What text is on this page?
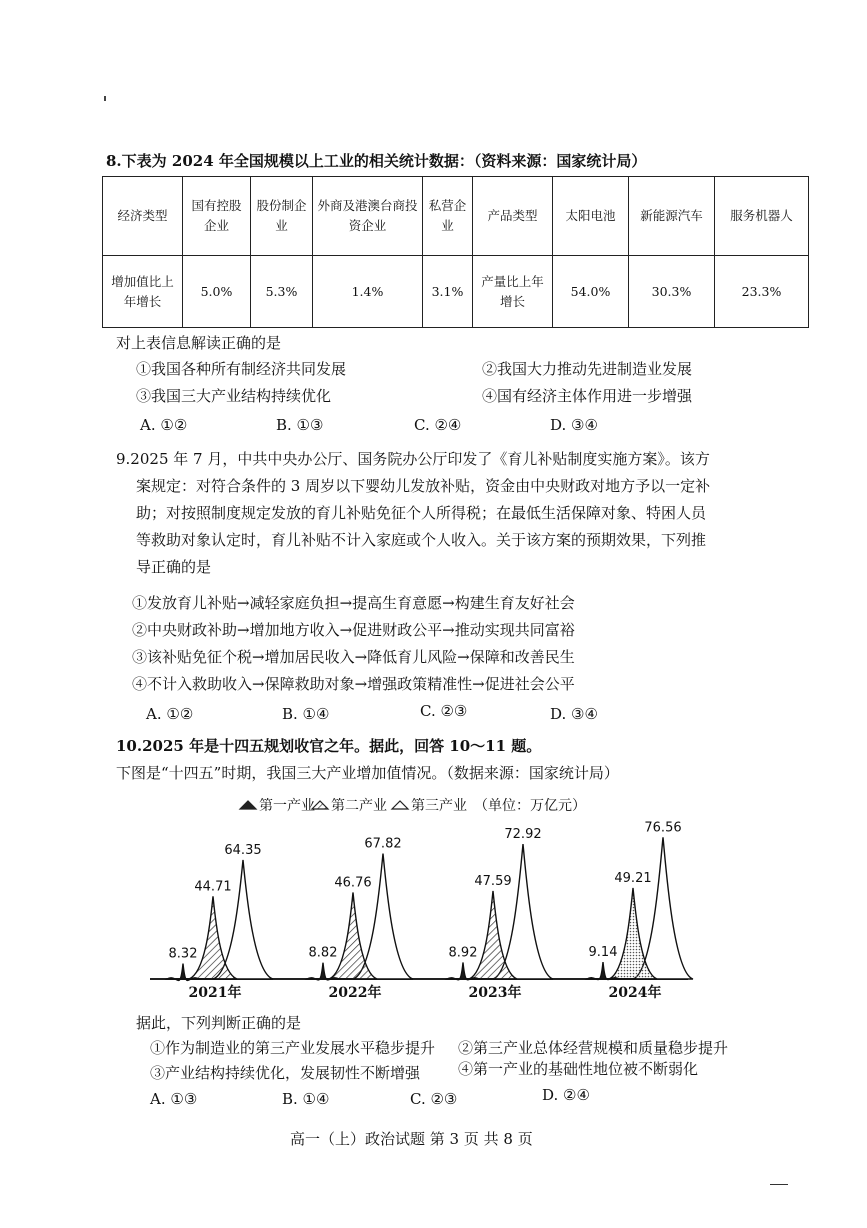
8.下表为 2024 年全国规模以上工业的相关统计数据：（资料来源：国家统计局）
经济类型	国有控股企业	股份制企业	外商及港澳台商投资企业	私营企业	产品类型	太阳电池	新能源汽车	服务机器人
增加值比上年增长	5.0%	5.3%	1.4%	3.1%	产量比上年增长	54.0%	30.3%	23.3%
对上表信息解读正确的是
①我国各种所有制经济共同发展	②我国大力推动先进制造业发展
③我国三大产业结构持续优化	④国有经济主体作用进一步增强
A. ①②	B. ①③	C. ②④	D. ③④
9.2025 年 7 月，中共中央办公厅、国务院办公厅印发了《育儿补贴制度实施方案》。该方
案规定：对符合条件的 3 周岁以下婴幼儿发放补贴，资金由中央财政对地方予以一定补
助；对按照制度规定发放的育儿补贴免征个人所得税；在最低生活保障对象、特困人员
等救助对象认定时，育儿补贴不计入家庭或个人收入。关于该方案的预期效果，下列推
导正确的是
①发放育儿补贴→减轻家庭负担→提高生育意愿→构建生育友好社会
②中央财政补助→增加地方收入→促进财政公平→推动实现共同富裕
③该补贴免征个税→增加居民收入→降低育儿风险→保障和改善民生
④不计入救助收入→保障救助对象→增强政策精准性→促进社会公平
A. ①②	B. ①④	C. ②③	D. ③④
10.2025 年是十四五规划收官之年。据此，回答 10～11 题。
下图是“十四五”时期，我国三大产业增加值情况。（数据来源：国家统计局）
第一产业 第二产业 第三产业 （单位：万亿元）
64.35
44.71
8.32
2021年
67.82
46.76
8.82
2022年
72.92
47.59
8.92
2023年
76.56
49.21
9.14
2024年
据此，下列判断正确的是
①作为制造业的第三产业发展水平稳步提升 ②第三产业总体经营规模和质量稳步提升
③产业结构持续优化，发展韧性不断增强	④第一产业的基础性地位被不断弱化
A. ①③	B. ①④	C. ②③	D. ②④
高一（上）政治试题 第 3 页 共 8 页
